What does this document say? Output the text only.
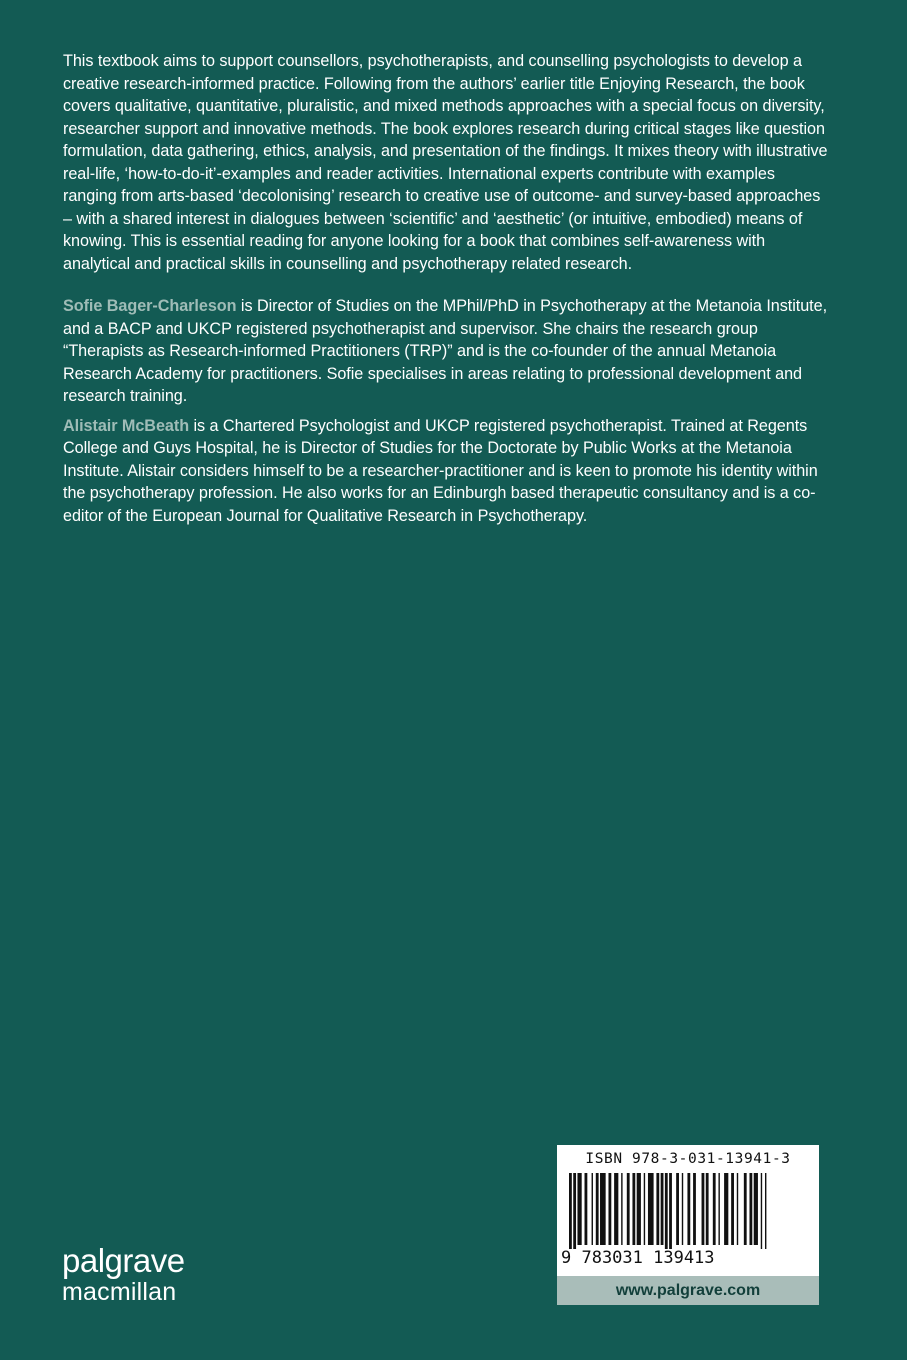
This textbook aims to support counsellors, psychotherapists, and counselling psychologists to develop a creative research-informed practice. Following from the authors’ earlier title Enjoying Research, the book covers qualitative, quantitative, pluralistic, and mixed methods approaches with a special focus on diversity, researcher support and innovative methods. The book explores research during critical stages like question formulation, data gathering, ethics, analysis, and presentation of the findings. It mixes theory with illustrative real-life, ‘how-to-do-it’-examples and reader activities. International experts contribute with examples ranging from arts-based ‘decolonising’ research to creative use of outcome- and survey-based approaches – with a shared interest in dialogues between ‘scientific’ and ‘aesthetic’ (or intuitive, embodied) means of knowing. This is essential reading for anyone looking for a book that combines self-awareness with analytical and practical skills in counselling and psychotherapy related research.

Sofie Bager-Charleson is Director of Studies on the MPhil/PhD in Psychotherapy at the Metanoia Institute, and a BACP and UKCP registered psychotherapist and supervisor. She chairs the research group “Therapists as Research-informed Practitioners (TRP)” and is the co-founder of the annual Metanoia Research Academy for practitioners. Sofie specialises in areas relating to professional development and research training.

Alistair McBeath is a Chartered Psychologist and UKCP registered psychotherapist. Trained at Regents College and Guys Hospital, he is Director of Studies for the Doctorate by Public Works at the Metanoia Institute. Alistair considers himself to be a researcher-practitioner and is keen to promote his identity within the psychotherapy profession. He also works for an Edinburgh based therapeutic consultancy and is a co-editor of the European Journal for Qualitative Research in Psychotherapy.

palgrave
macmillan
ISBN 978-3-031-13941-3
9 783031 139413
www.palgrave.com
